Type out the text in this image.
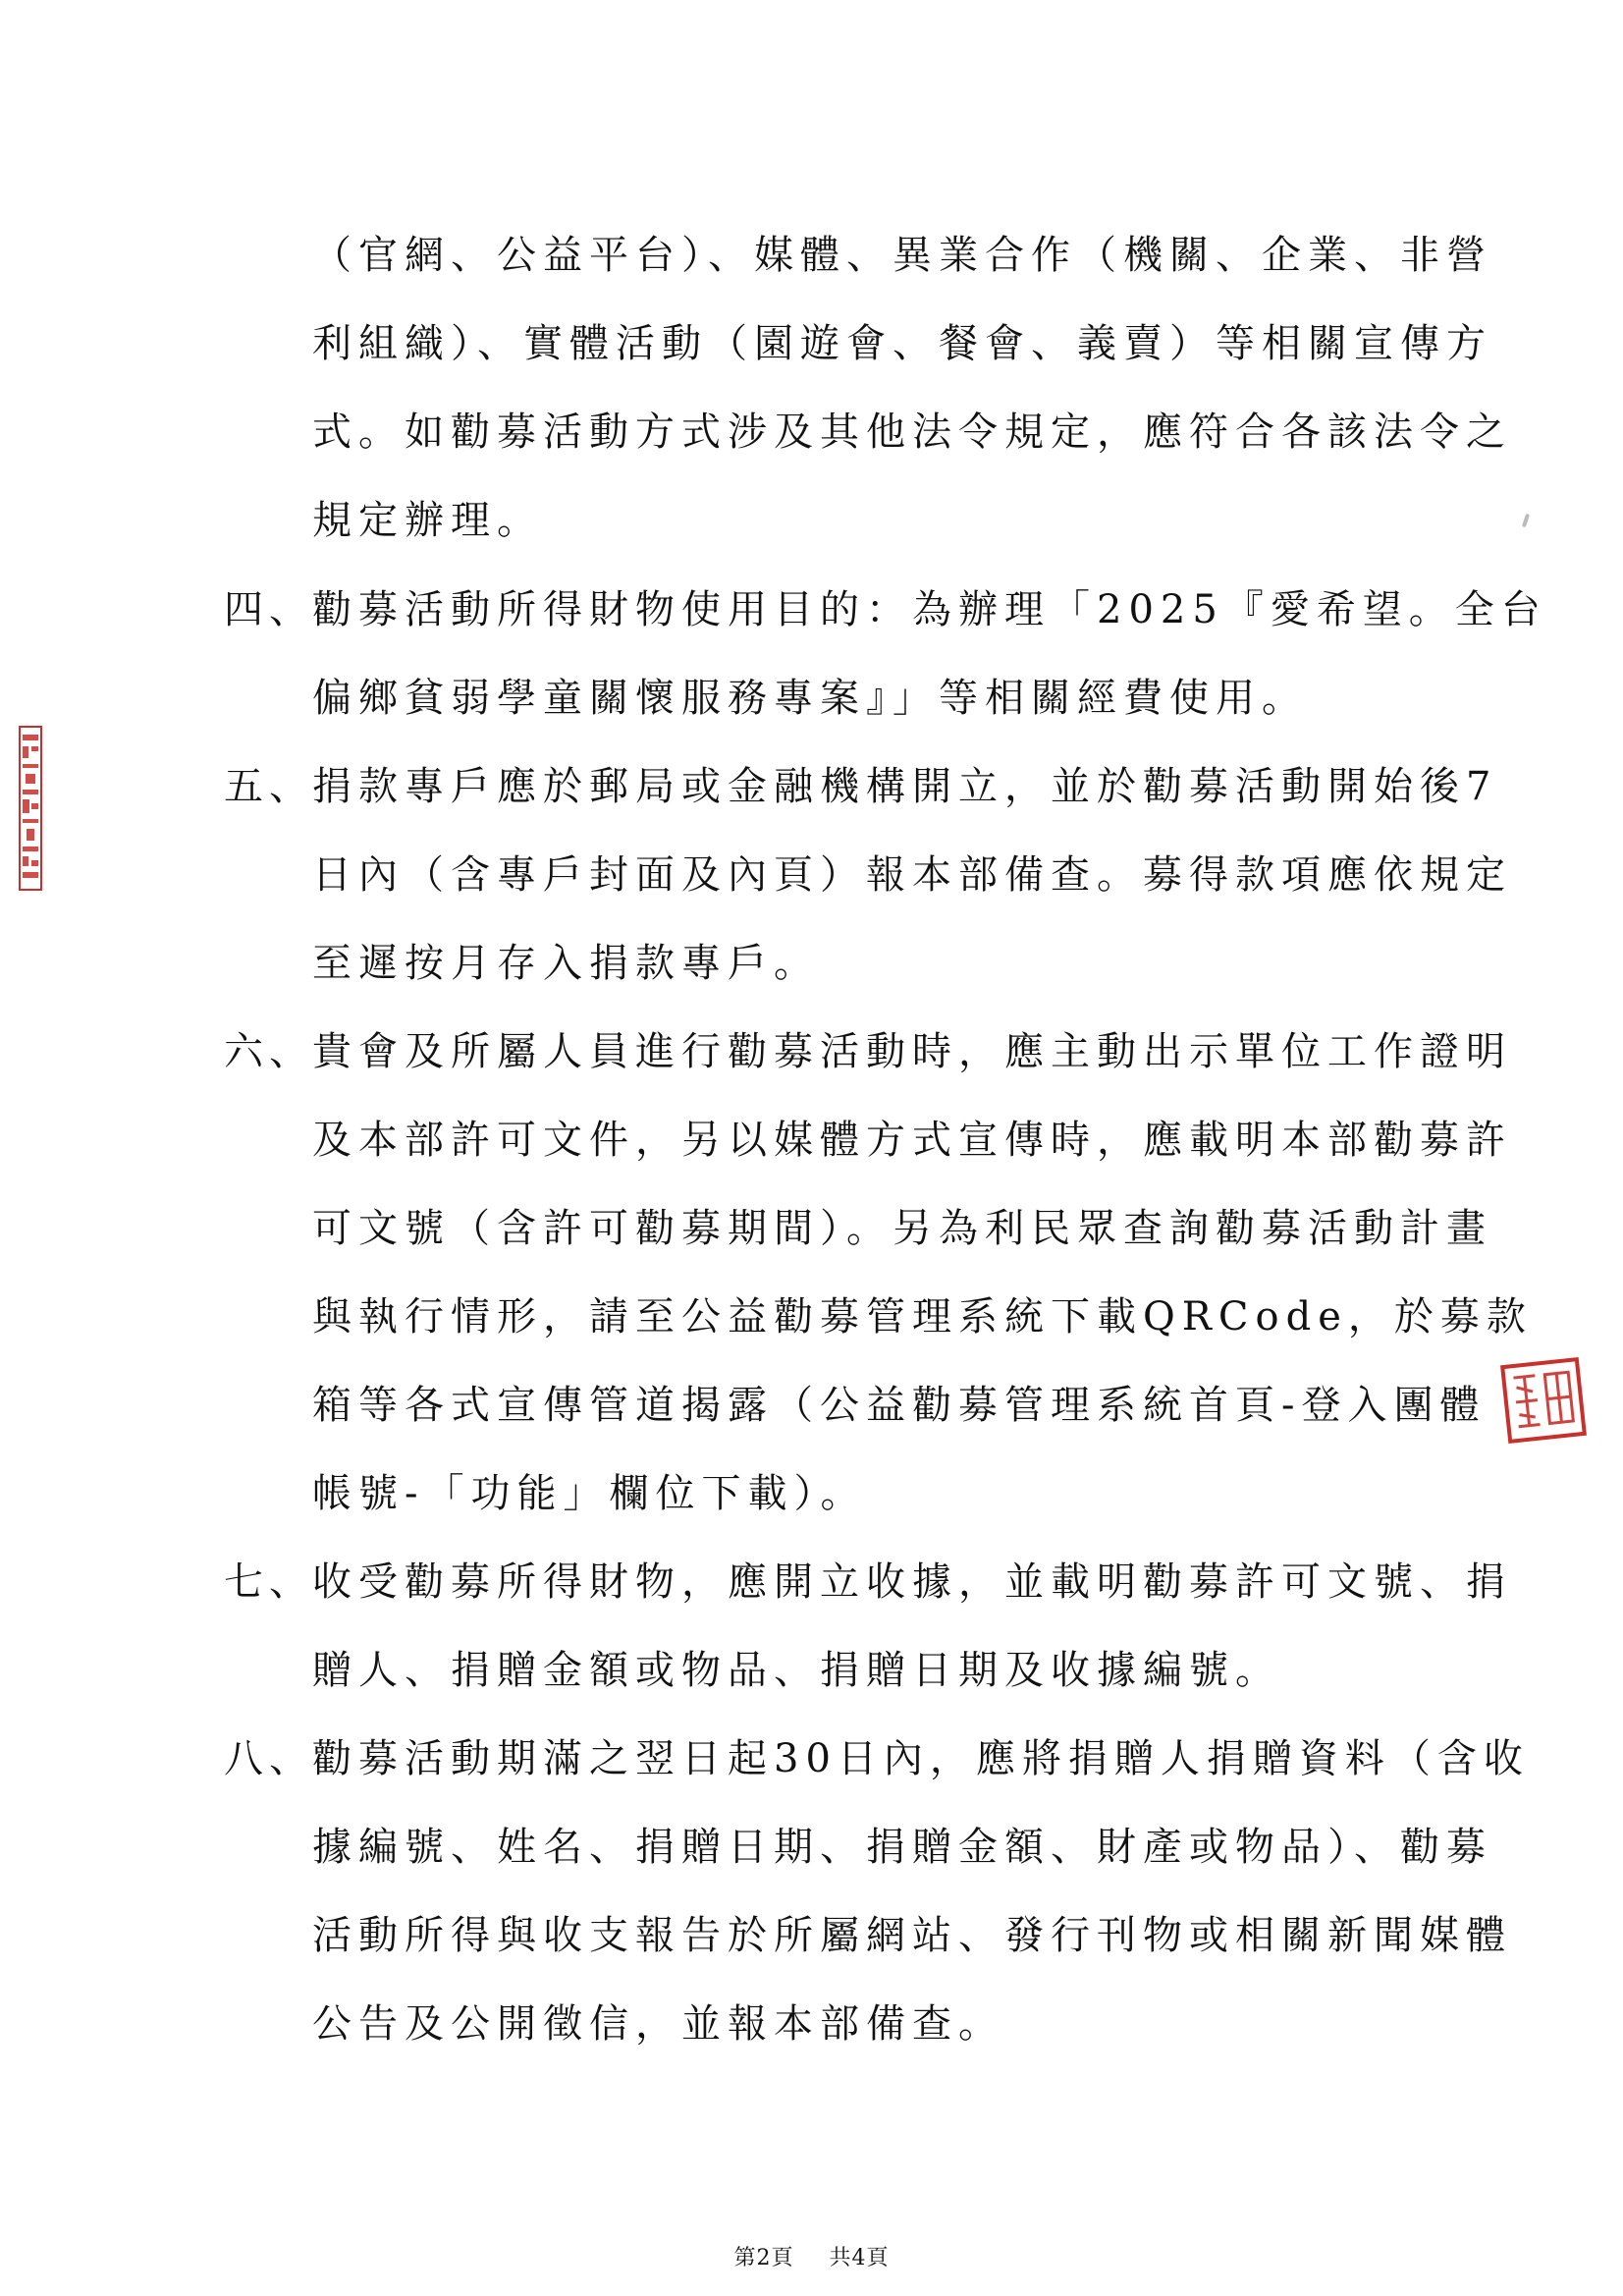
（官網、公益平台）、媒體、異業合作（機關、企業、非營
利組織）、實體活動（園遊會、餐會、義賣）等相關宣傳方
式。如勸募活動方式涉及其他法令規定，應符合各該法令之
規定辦理。
四、
勸募活動所得財物使用目的：為辦理「2025『愛希望。全台
偏鄉貧弱學童關懷服務專案』」等相關經費使用。
五、
捐款專戶應於郵局或金融機構開立，並於勸募活動開始後7
日內（含專戶封面及內頁）報本部備查。募得款項應依規定
至遲按月存入捐款專戶。
六、
貴會及所屬人員進行勸募活動時，應主動出示單位工作證明
及本部許可文件，另以媒體方式宣傳時，應載明本部勸募許
可文號（含許可勸募期間）。另為利民眾查詢勸募活動計畫
與執行情形，請至公益勸募管理系統下載QRCode，於募款
箱等各式宣傳管道揭露（公益勸募管理系統首頁-登入團體
帳號-「功能」欄位下載）。
七、
收受勸募所得財物，應開立收據，並載明勸募許可文號、捐
贈人、捐贈金額或物品、捐贈日期及收據編號。
八、
勸募活動期滿之翌日起30日內，應將捐贈人捐贈資料（含收
據編號、姓名、捐贈日期、捐贈金額、財產或物品）、勸募
活動所得與收支報告於所屬網站、發行刊物或相關新聞媒體
公告及公開徵信，並報本部備查。
第2頁 共4頁
